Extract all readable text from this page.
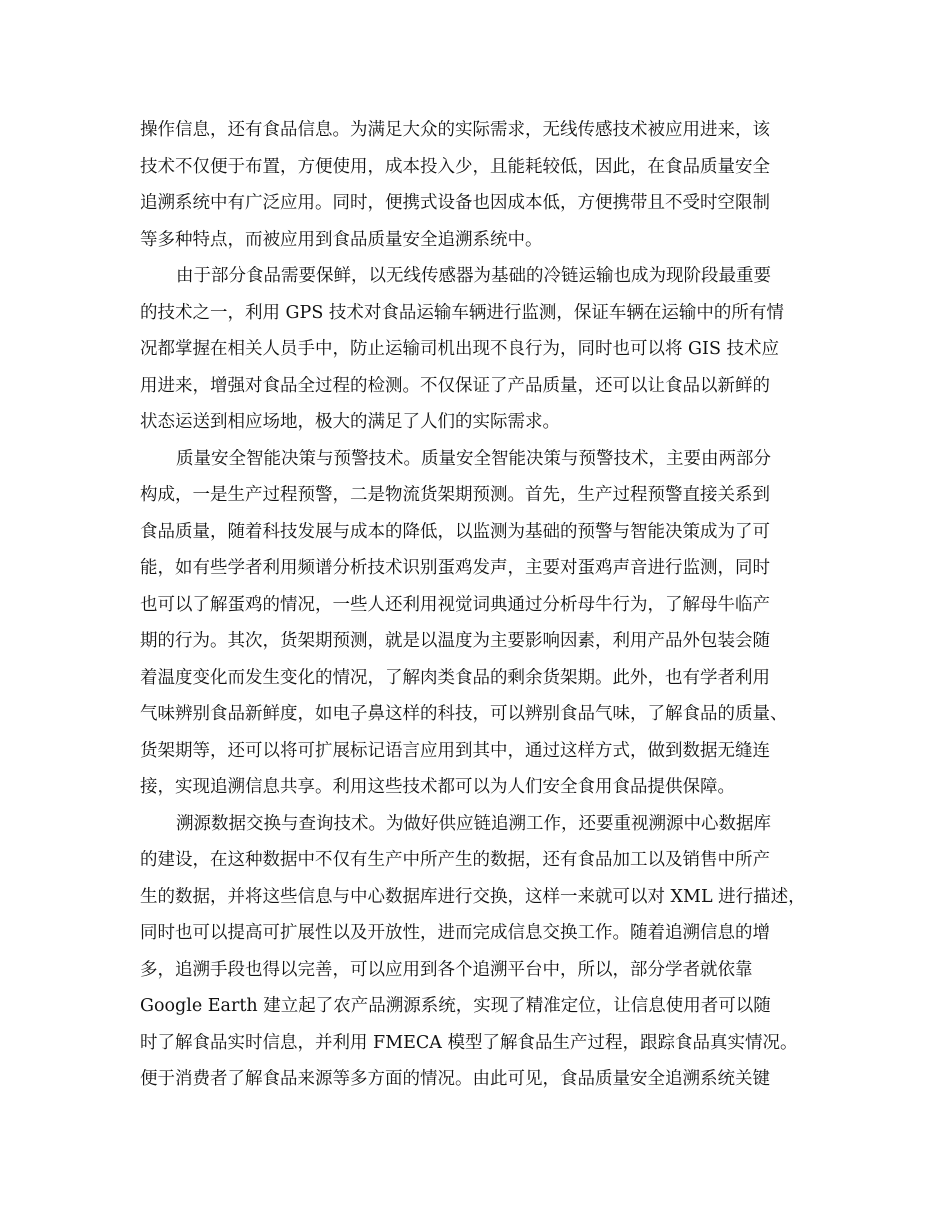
操作信息，还有食品信息。为满足大众的实际需求，无线传感技术被应用进来，该
技术不仅便于布置，方便使用，成本投入少，且能耗较低，因此，在食品质量安全
追溯系统中有广泛应用。同时，便携式设备也因成本低，方便携带且不受时空限制
等多种特点，而被应用到食品质量安全追溯系统中。
由于部分食品需要保鲜，以无线传感器为基础的冷链运输也成为现阶段最重要
的技术之一，利用 GPS 技术对食品运输车辆进行监测，保证车辆在运输中的所有情
况都掌握在相关人员手中，防止运输司机出现不良行为，同时也可以将 GIS 技术应
用进来，增强对食品全过程的检测。不仅保证了产品质量，还可以让食品以新鲜的
状态运送到相应场地，极大的满足了人们的实际需求。
质量安全智能决策与预警技术。质量安全智能决策与预警技术，主要由两部分
构成，一是生产过程预警，二是物流货架期预测。首先，生产过程预警直接关系到
食品质量，随着科技发展与成本的降低，以监测为基础的预警与智能决策成为了可
能，如有些学者利用频谱分析技术识别蛋鸡发声，主要对蛋鸡声音进行监测，同时
也可以了解蛋鸡的情况，一些人还利用视觉词典通过分析母牛行为，了解母牛临产
期的行为。其次，货架期预测，就是以温度为主要影响因素，利用产品外包装会随
着温度变化而发生变化的情况，了解肉类食品的剩余货架期。此外，也有学者利用
气味辨别食品新鲜度，如电子鼻这样的科技，可以辨别食品气味，了解食品的质量、
货架期等，还可以将可扩展标记语言应用到其中，通过这样方式，做到数据无缝连
接，实现追溯信息共享。利用这些技术都可以为人们安全食用食品提供保障。
溯源数据交换与查询技术。为做好供应链追溯工作，还要重视溯源中心数据库
的建设，在这种数据中不仅有生产中所产生的数据，还有食品加工以及销售中所产
生的数据，并将这些信息与中心数据库进行交换，这样一来就可以对 XML 进行描述，
同时也可以提高可扩展性以及开放性，进而完成信息交换工作。随着追溯信息的增
多，追溯手段也得以完善，可以应用到各个追溯平台中，所以，部分学者就依靠
Google Earth 建立起了农产品溯源系统，实现了精准定位，让信息使用者可以随
时了解食品实时信息，并利用 FMECA 模型了解食品生产过程，跟踪食品真实情况。
便于消费者了解食品来源等多方面的情况。由此可见，食品质量安全追溯系统关键
